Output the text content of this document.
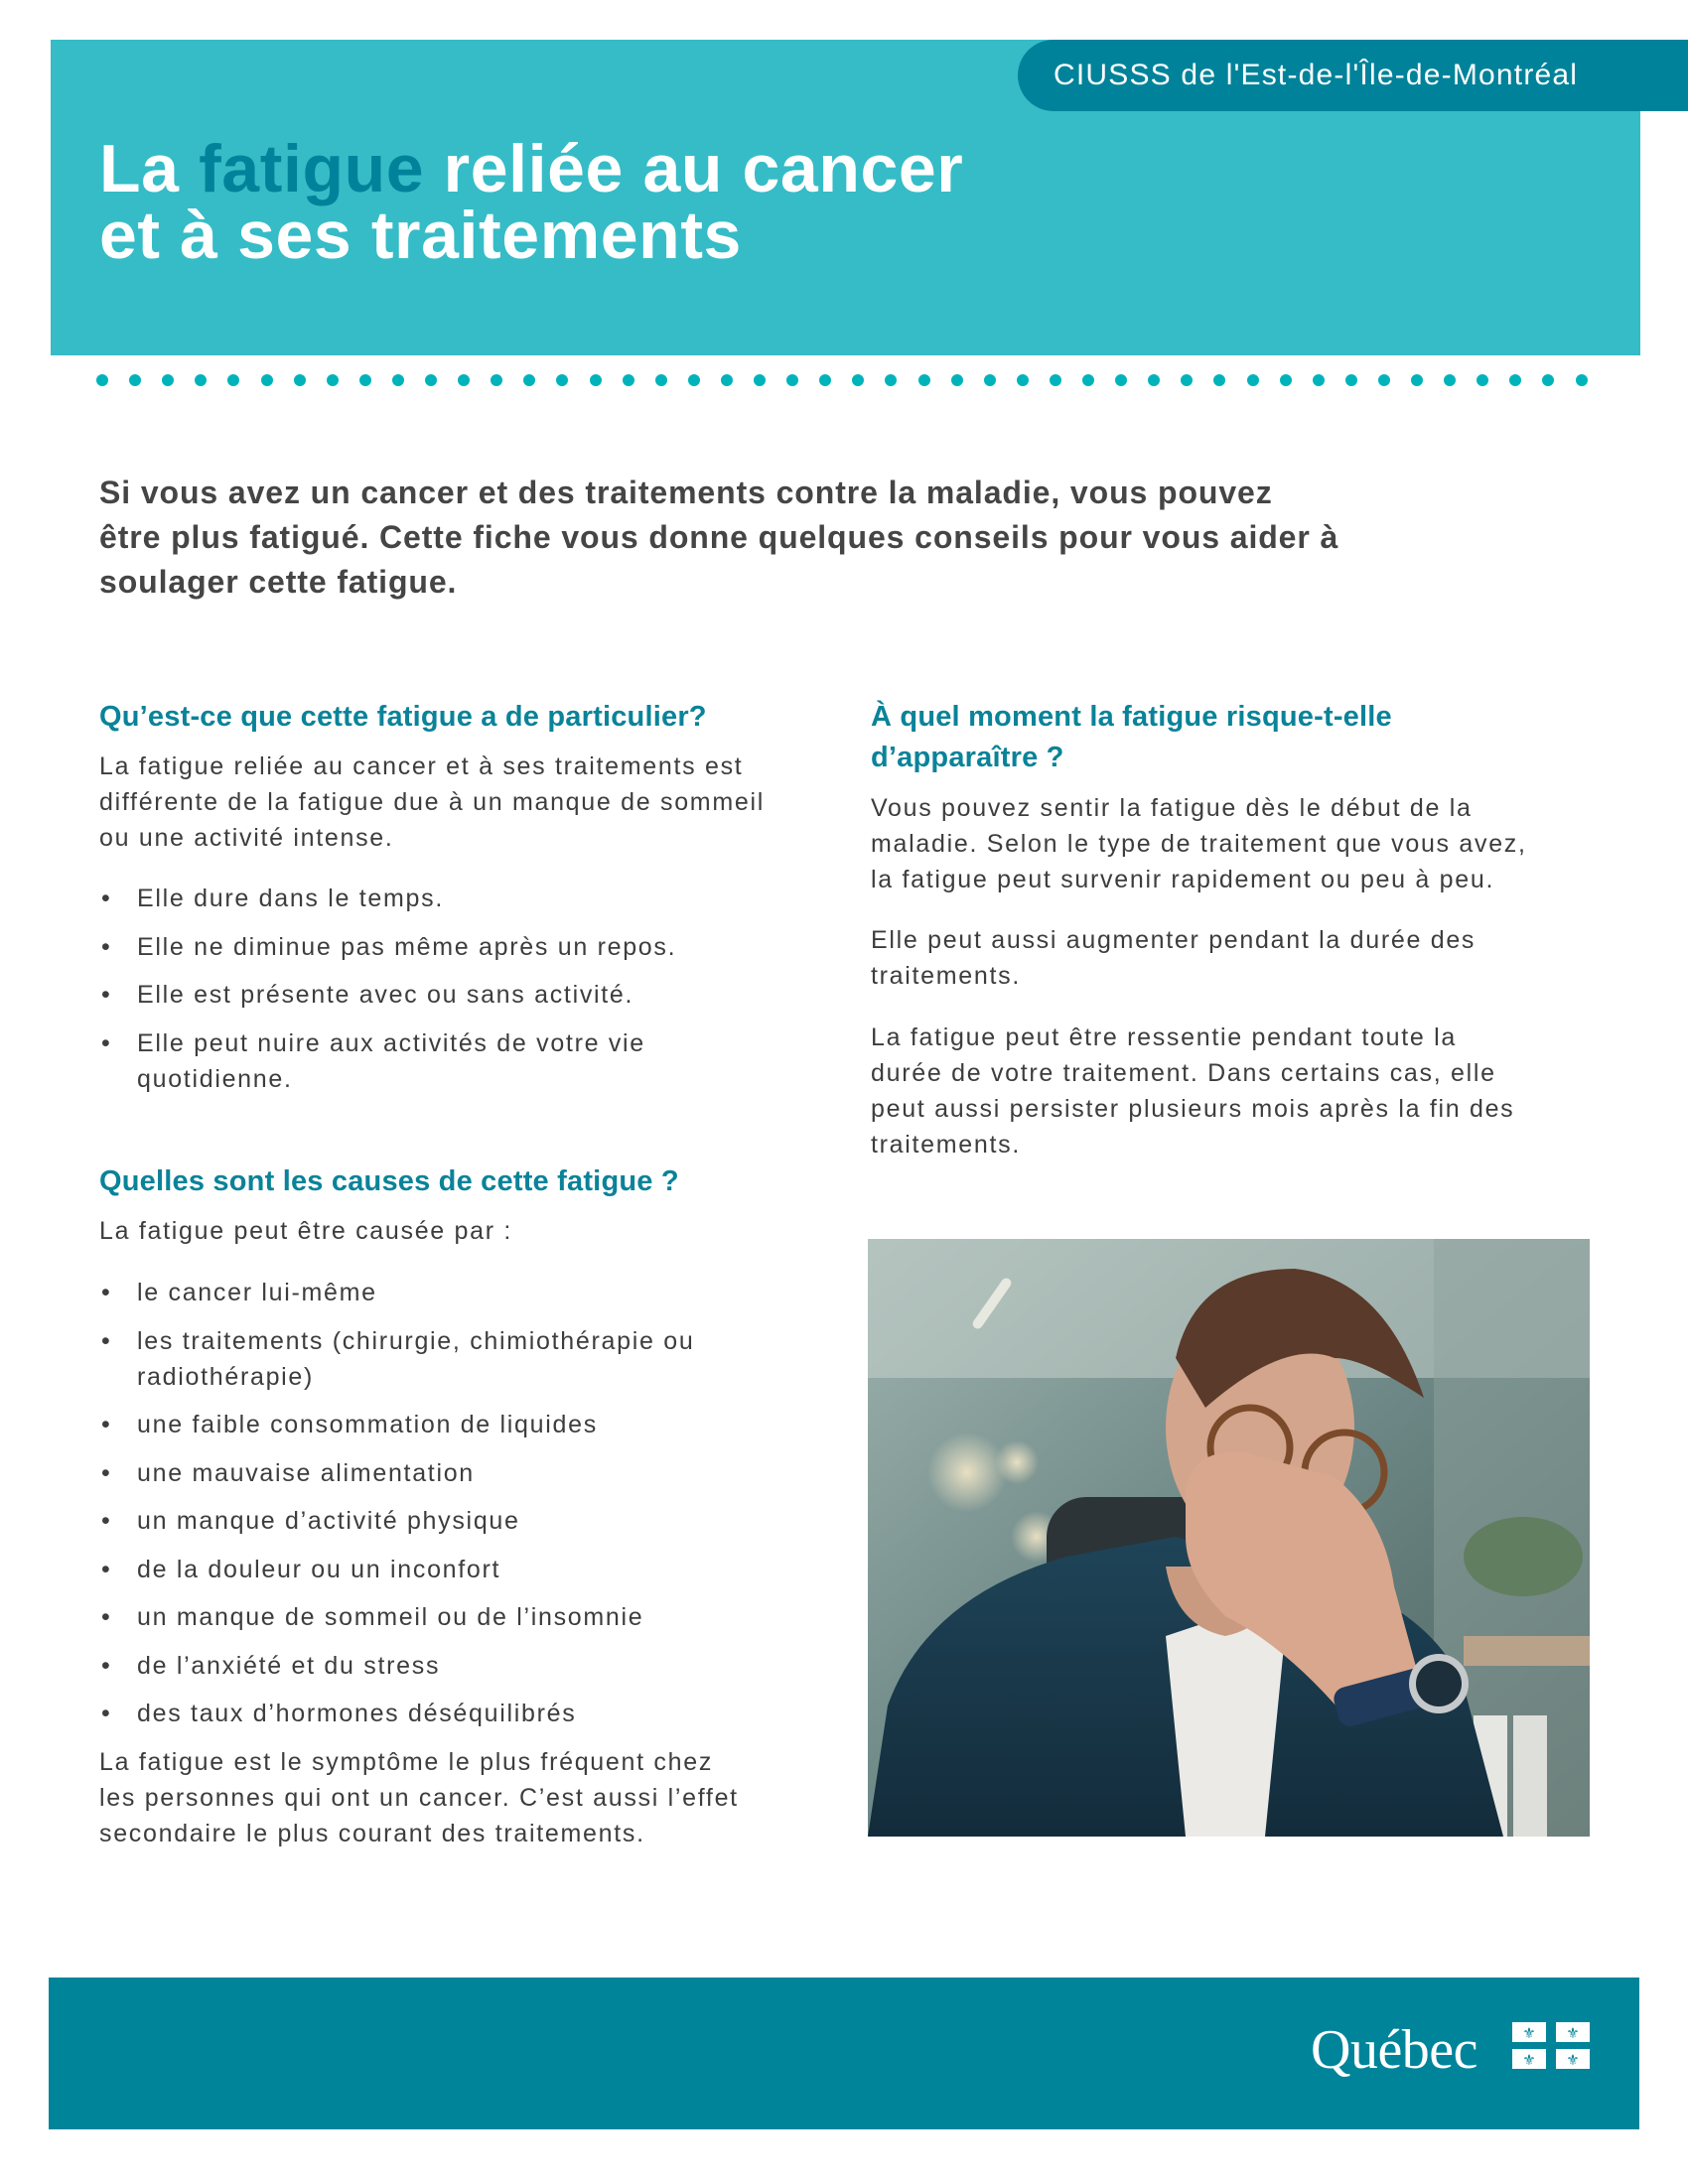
CIUSSS de l'Est-de-l'Île-de-Montréal
La fatigue reliée au cancer
et à ses traitements
Si vous avez un cancer et des traitements contre la maladie, vous pouvez
être plus fatigué. Cette fiche vous donne quelques conseils pour vous aider à
soulager cette fatigue.
Qu’est-ce que cette fatigue a de particulier?
La fatigue reliée au cancer et à ses traitements est
différente de la fatigue due à un manque de sommeil
ou une activité intense.
• Elle dure dans le temps.
• Elle ne diminue pas même après un repos.
• Elle est présente avec ou sans activité.
• Elle peut nuire aux activités de votre vie
quotidienne.
Quelles sont les causes de cette fatigue ?
La fatigue peut être causée par :
• le cancer lui-même
• les traitements (chirurgie, chimiothérapie ou
radiothérapie)
• une faible consommation de liquides
• une mauvaise alimentation
• un manque d’activité physique
• de la douleur ou un inconfort
• un manque de sommeil ou de l’insomnie
• de l’anxiété et du stress
• des taux d’hormones déséquilibrés
La fatigue est le symptôme le plus fréquent chez
les personnes qui ont un cancer. C’est aussi l’effet
secondaire le plus courant des traitements.
À quel moment la fatigue risque-t-elle
d’apparaître ?
Vous pouvez sentir la fatigue dès le début de la
maladie. Selon le type de traitement que vous avez,
la fatigue peut survenir rapidement ou peu à peu.
Elle peut aussi augmenter pendant la durée des
traitements.
La fatigue peut être ressentie pendant toute la
durée de votre traitement. Dans certains cas, elle
peut aussi persister plusieurs mois après la fin des
traitements.
Québec	⚜ ⚜
⚜ ⚜
